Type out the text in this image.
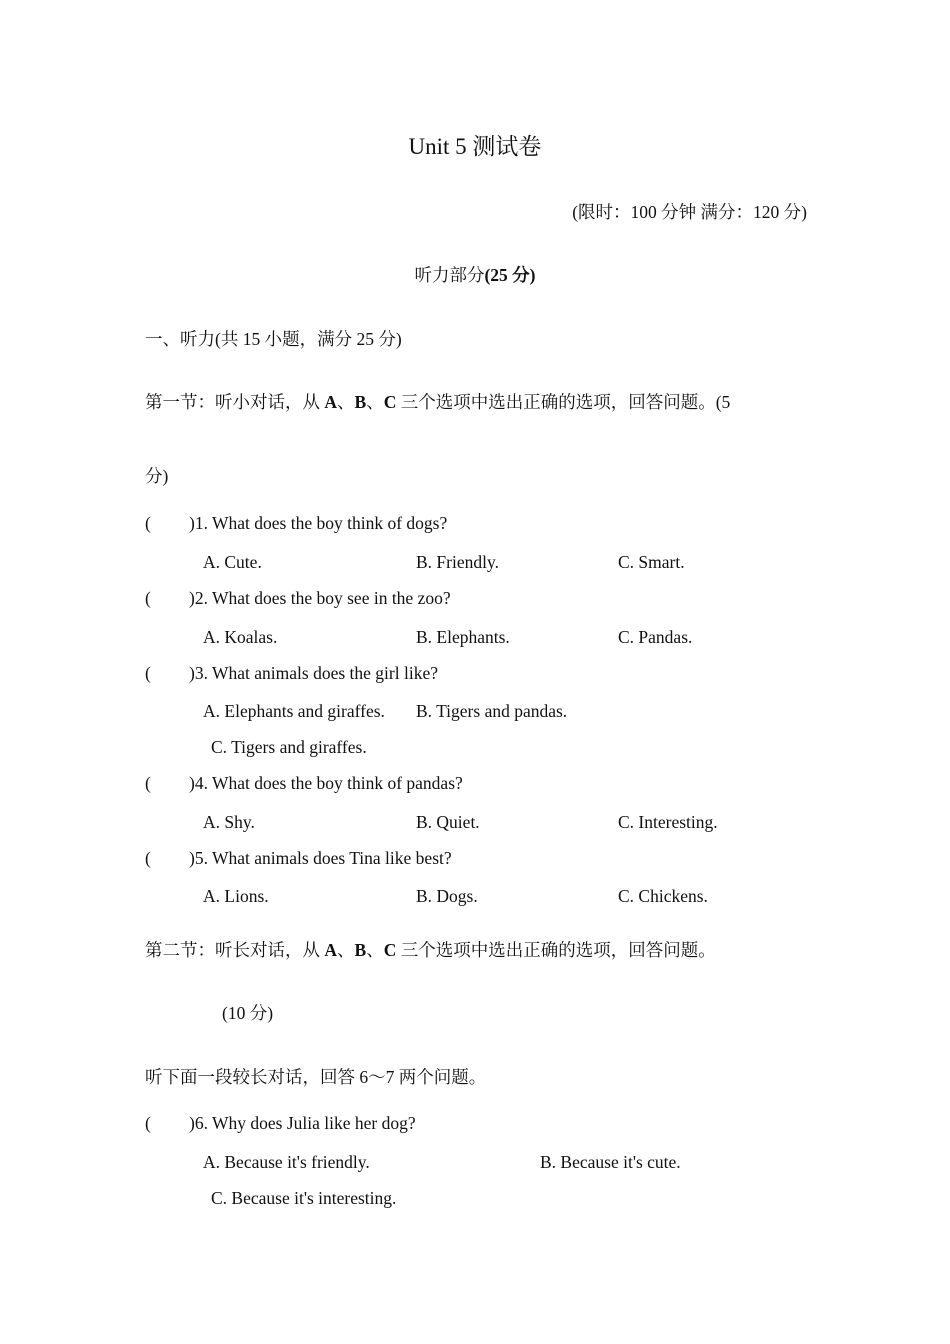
Unit 5 测试卷
(限时：100 分钟 满分：120 分)
听力部分(25 分)
一、听力(共 15 小题，满分 25 分)
第一节：听小对话，从 A、B、C 三个选项中选出正确的选项，回答问题。(5
分)
( )1. What does the boy think of dogs?
A. Cute.	B. Friendly.	C. Smart.
( )2. What does the boy see in the zoo?
A. Koalas.	B. Elephants.	C. Pandas.
( )3. What animals does the girl like?
A. Elephants and giraffes. B. Tigers and pandas.
C. Tigers and giraffes.
( )4. What does the boy think of pandas?
A. Shy.	B. Quiet.	C. Interesting.
( )5. What animals does Tina like best?
A. Lions.	B. Dogs.	C. Chickens.
第二节：听长对话，从 A、B、C 三个选项中选出正确的选项，回答问题。
(10 分)
听下面一段较长对话，回答 6～7 两个问题。
( )6. Why does Julia like her dog?
A. Because it's friendly.	B. Because it's cute.
C. Because it's interesting.
